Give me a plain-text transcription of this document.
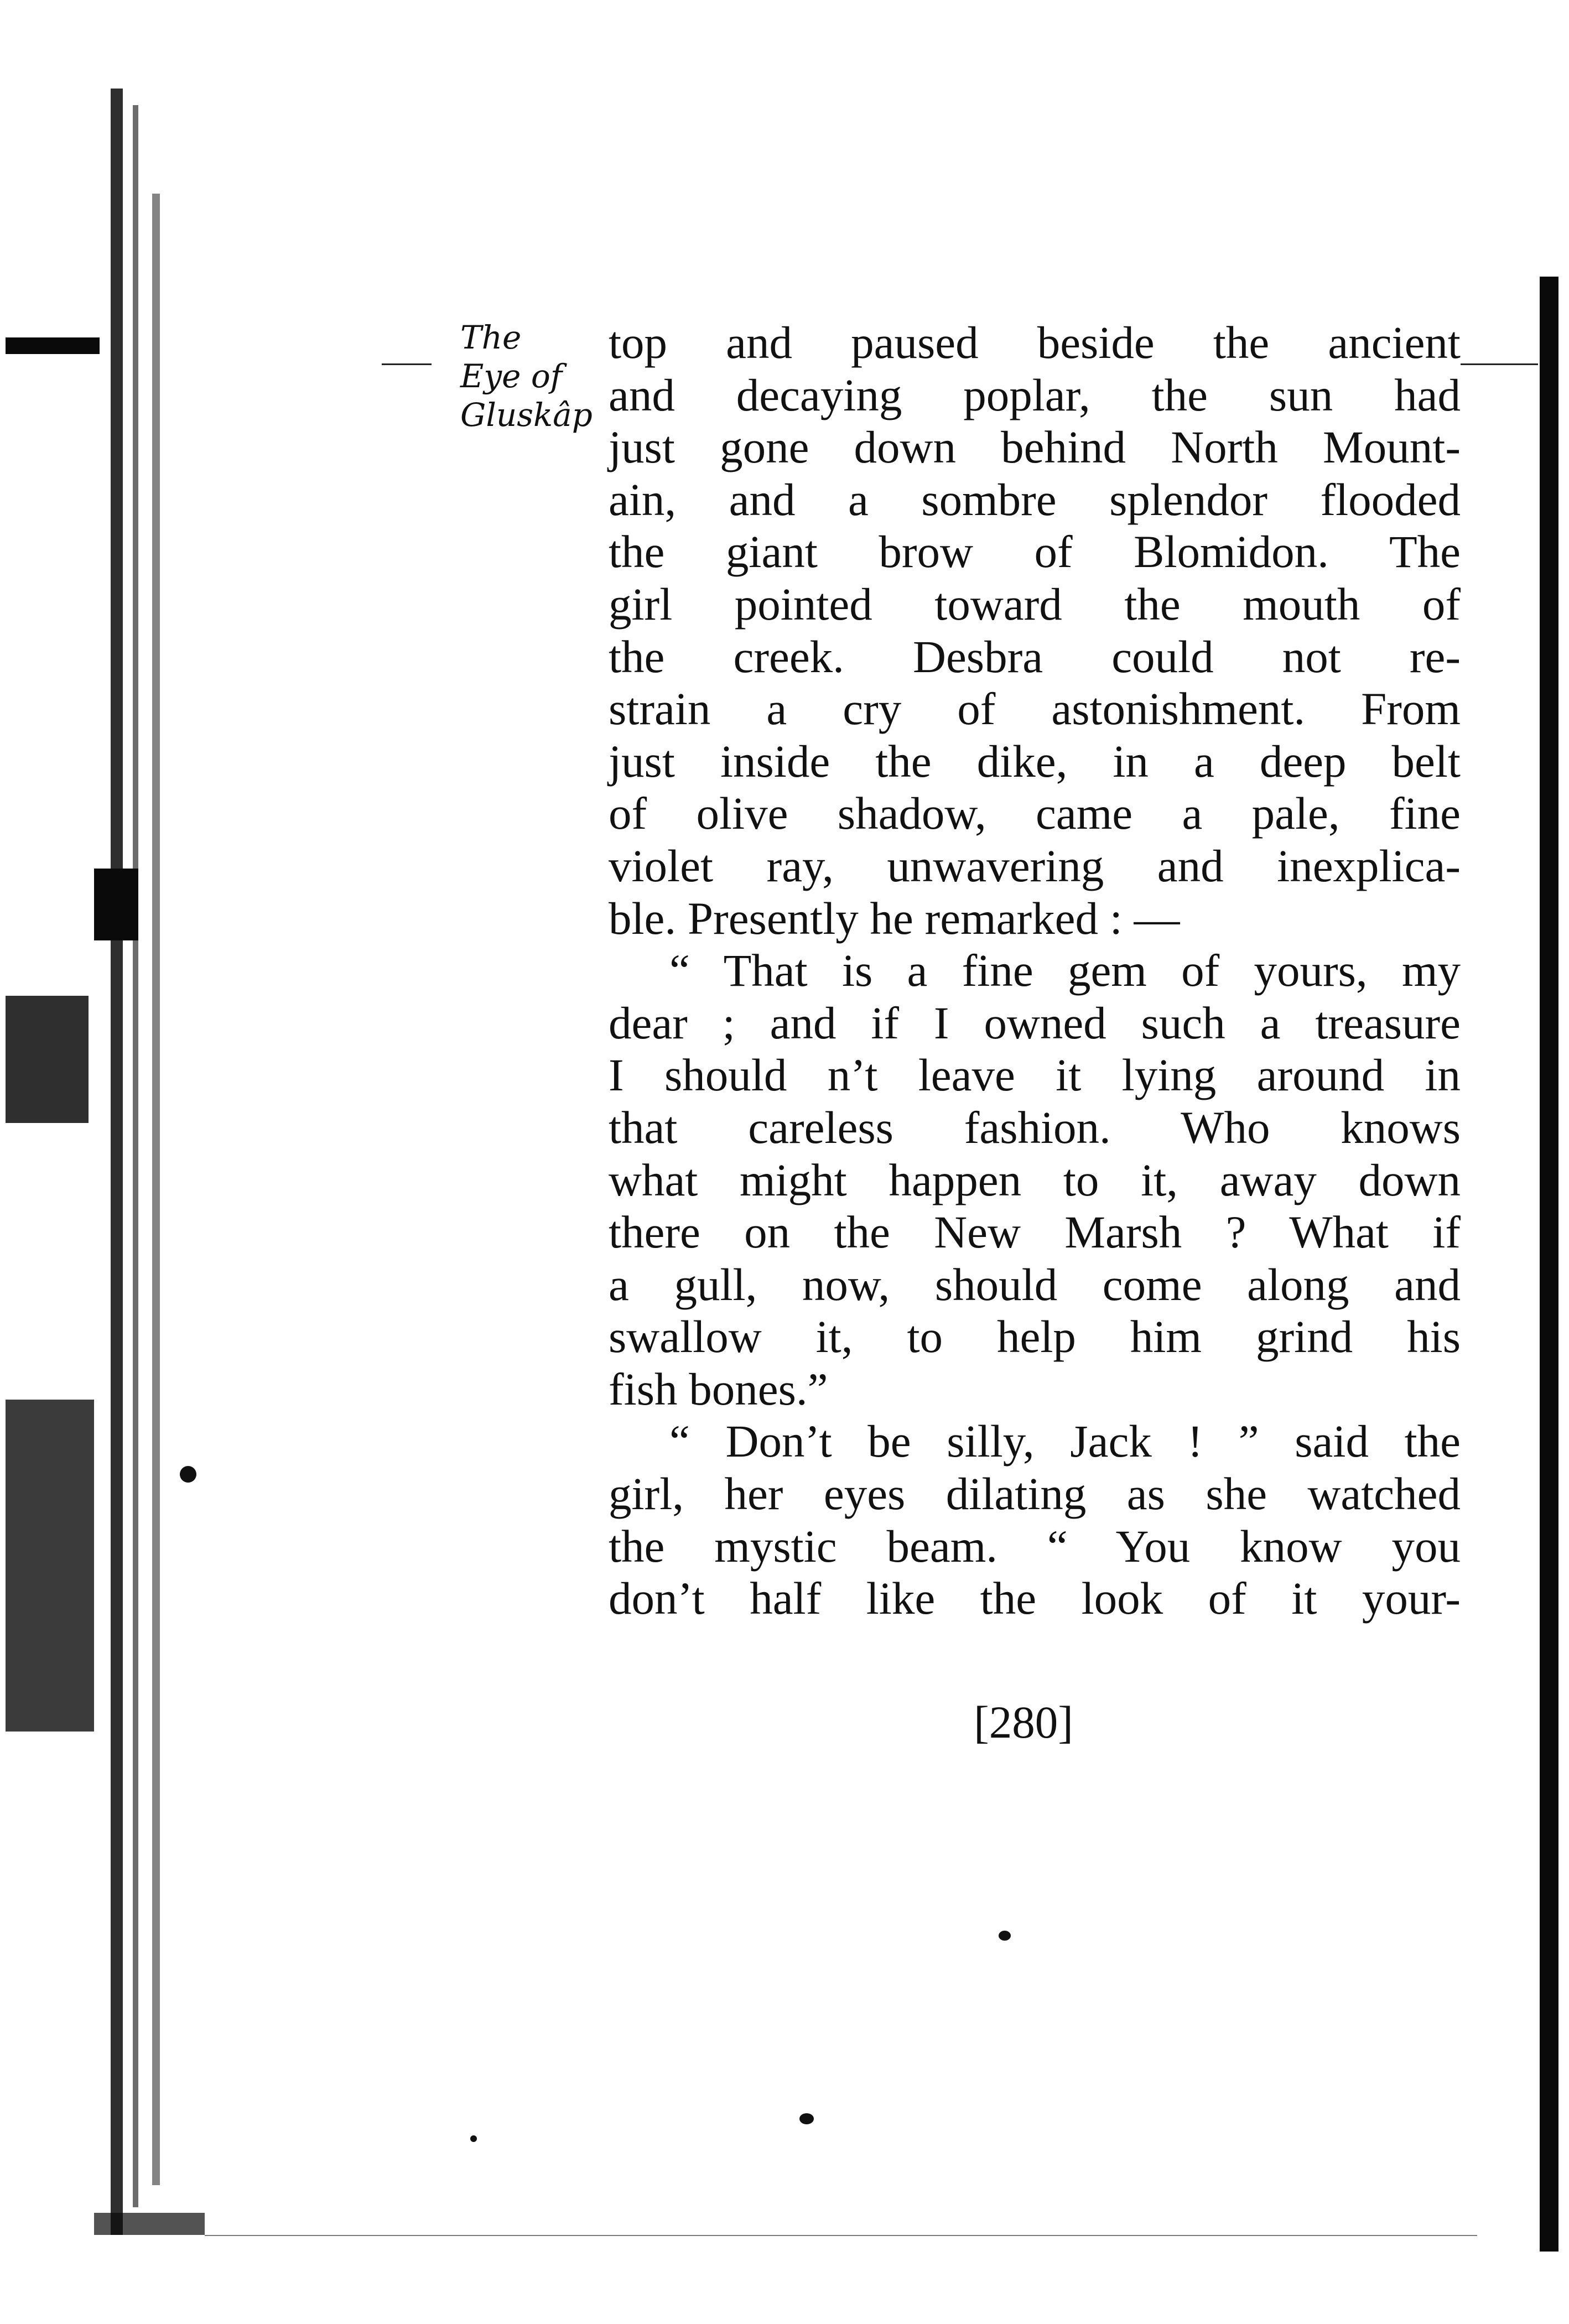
The
Eye of
Gluskâp
top and paused beside the ancient
and decaying poplar, the sun had
just gone down behind North Mount-
ain, and a sombre splendor flooded
the giant brow of Blomidon. The
girl pointed toward the mouth of
the creek. Desbra could not re-
strain a cry of astonishment. From
just inside the dike, in a deep belt
of olive shadow, came a pale, fine
violet ray, unwavering and inexplica-
ble. Presently he remarked : —
“ That is a fine gem of yours, my
dear ; and if I owned such a treasure
I should n’t leave it lying around in
that careless fashion. Who knows
what might happen to it, away down
there on the New Marsh ? What if
a gull, now, should come along and
swallow it, to help him grind his
fish bones.”
“ Don’t be silly, Jack ! ” said the
girl, her eyes dilating as she watched
the mystic beam. “ You know you
don’t half like the look of it your-
[280]
